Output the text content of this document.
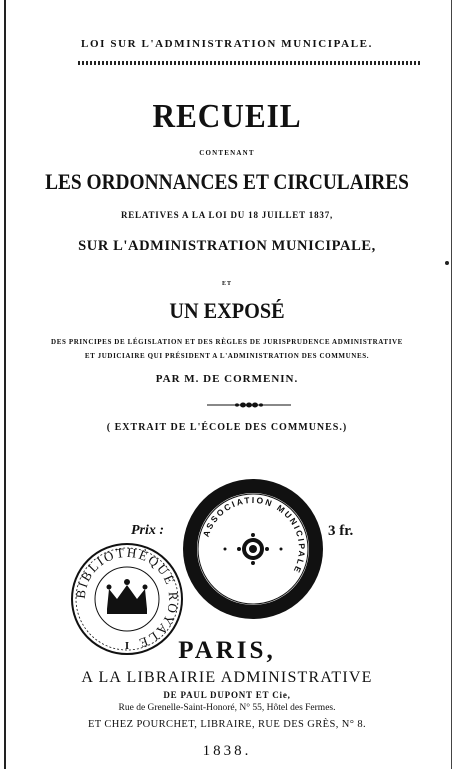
LOI SUR L'ADMINISTRATION MUNICIPALE.
RECUEIL
CONTENANT
LES ORDONNANCES ET CIRCULAIRES
RELATIVES A LA LOI DU 18 JUILLET 1837,
SUR L'ADMINISTRATION MUNICIPALE,
ET
UN EXPOSÉ
DES PRINCIPES DE LÉGISLATION ET DES RÈGLES DE JURISPRUDENCE ADMINISTRATIVE
ET JUDICIAIRE QUI PRÉSIDENT A L'ADMINISTRATION DES COMMUNES.
PAR M. DE CORMENIN.
( EXTRAIT DE L'ÉCOLE DES COMMUNES.)
Prix :	3 fr.
ASSOCIATION MUNICIPALE
BIBLIOTHÈQUE ROYALE
I	PARIS,
A LA LIBRAIRIE ADMINISTRATIVE
DE PAUL DUPONT ET Cie,
Rue de Grenelle-Saint-Honoré, N° 55, Hôtel des Fermes.
ET CHEZ POURCHET, LIBRAIRE, RUE DES GRÈS, N° 8.
1838.
